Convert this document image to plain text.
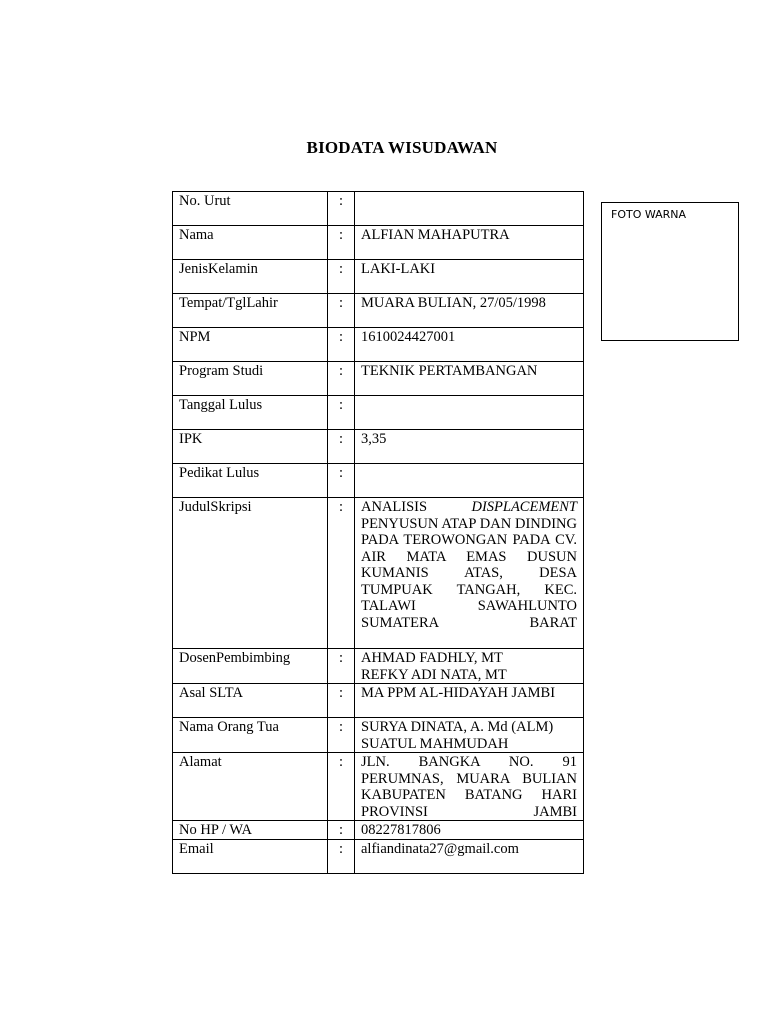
BIODATA WISUDAWAN
No. Urut	:	
Nama	:	ALFIAN MAHAPUTRA
JenisKelamin	:	LAKI-LAKI
Tempat/TglLahir	:	MUARA BULIAN, 27/05/1998
NPM	:	1610024427001
Program Studi	:	TEKNIK PERTAMBANGAN
Tanggal Lulus	:	
IPK	:	3,35
Pedikat Lulus	:	
JudulSkripsi	:	ANALISIS DISPLACEMENT PENYUSUN ATAP DAN DINDING PADA TEROWONGAN PADA CV. AIR MATA EMAS DUSUN KUMANIS ATAS, DESA TUMPUAK TANGAH, KEC. TALAWI SAWAHLUNTO SUMATERA BARAT
DosenPembimbing	:	AHMAD FADHLY, MT
REFKY ADI NATA, MT

Asal SLTA	:	MA PPM AL-HIDAYAH JAMBI
Nama Orang Tua	:	SURYA DINATA, A. Md (ALM)
SUATUL MAHMUDAH

Alamat	:	JLN. BANGKA NO. 91 PERUMNAS, MUARA BULIAN KABUPATEN BATANG HARI PROVINSI JAMBI
No HP / WA	:	08227817806
Email	:	alfiandinata27@gmail.com
FOTO WARNA
